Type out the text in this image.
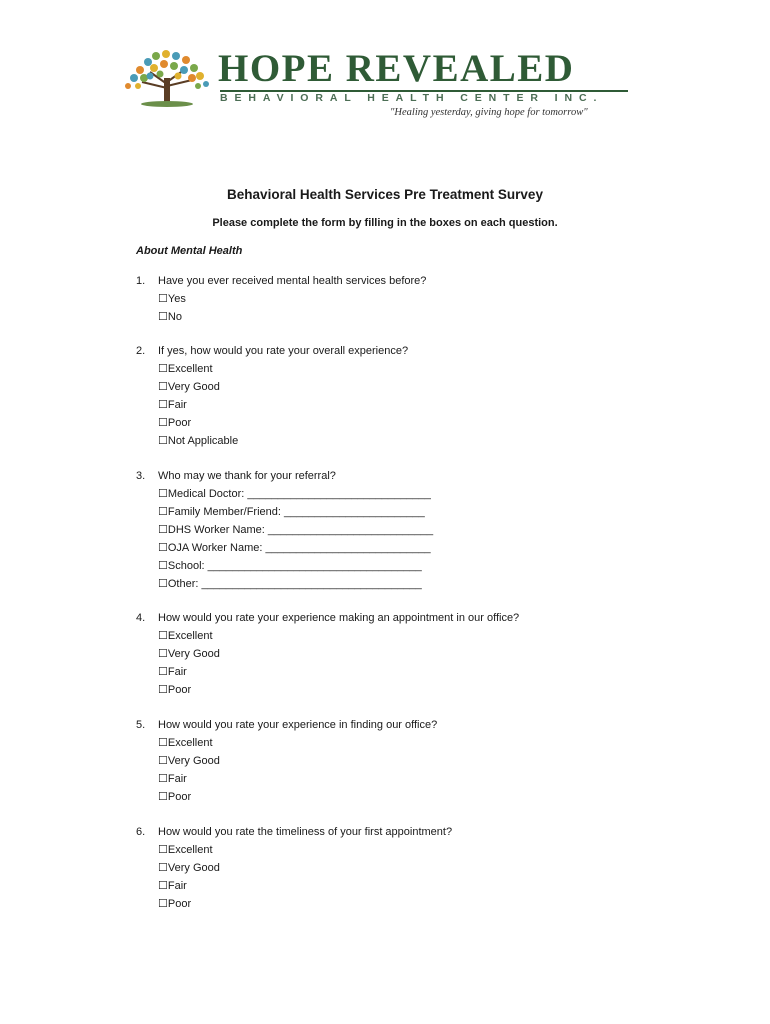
HOPE REVEALED
BEHAVIORAL HEALTH CENTER INC.
"Healing yesterday, giving hope for tomorrow"
Behavioral Health Services Pre Treatment Survey
Please complete the form by filling in the boxes on each question.
About Mental Health
1. Have you ever received mental health services before?
☐Yes
☐No
2. If yes, how would you rate your overall experience?
☐Excellent
☐Very Good
☐Fair
☐Poor
☐Not Applicable
3. Who may we thank for your referral?
☐Medical Doctor: ______________________________
☐Family Member/Friend: _______________________
☐DHS Worker Name: ___________________________
☐OJA Worker Name: ___________________________
☐School: ___________________________________
☐Other: ____________________________________
4. How would you rate your experience making an appointment in our office?
☐Excellent
☐Very Good
☐Fair
☐Poor
5. How would you rate your experience in finding our office?
☐Excellent
☐Very Good
☐Fair
☐Poor
6. How would you rate the timeliness of your first appointment?
☐Excellent
☐Very Good
☐Fair
☐Poor
